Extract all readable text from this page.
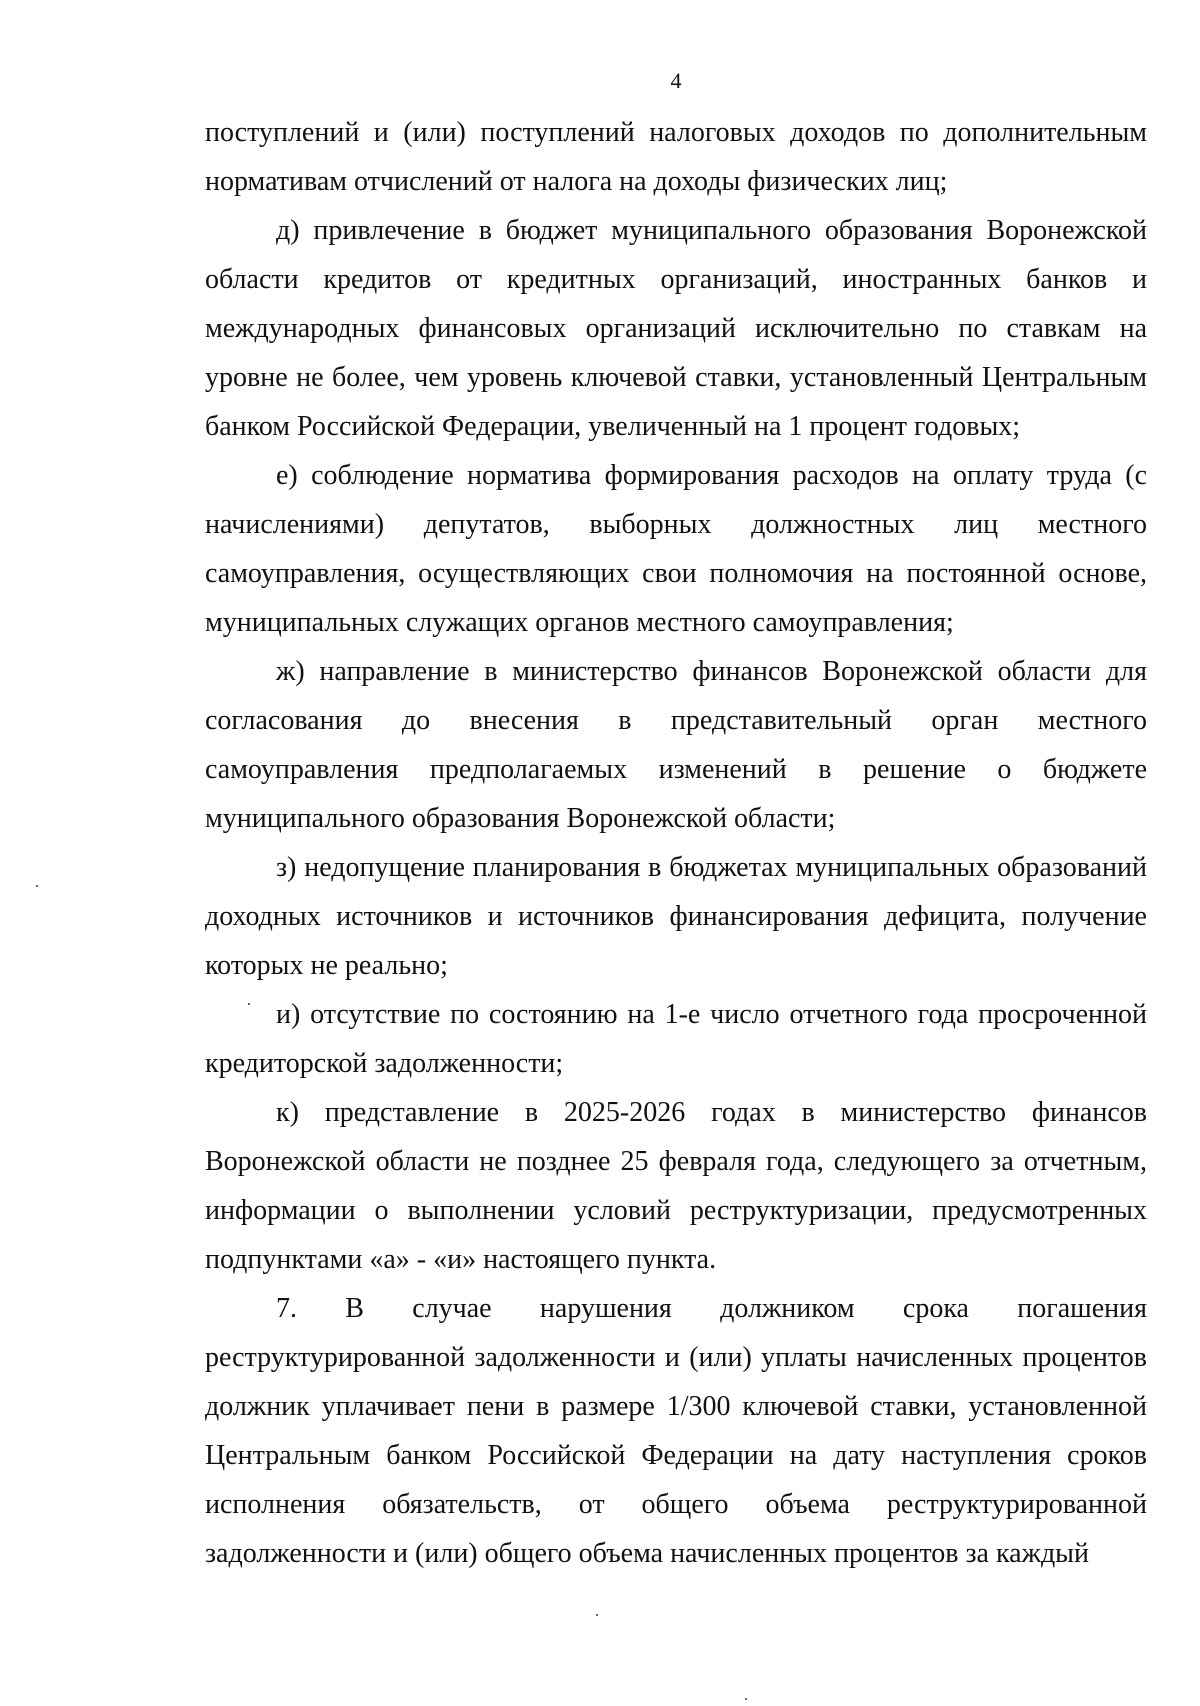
4

поступлений и (или) поступлений налоговых доходов по дополнительным нормативам отчислений от налога на доходы физических лиц;

д) привлечение в бюджет муниципального образования Воронежской области кредитов от кредитных организаций, иностранных банков и международных финансовых организаций исключительно по ставкам на уровне не более, чем уровень ключевой ставки, установленный Центральным банком Российской Федерации, увеличенный на 1 процент годовых;

е) соблюдение норматива формирования расходов на оплату труда (с начислениями) депутатов, выборных должностных лиц местного самоуправления, осуществляющих свои полномочия на постоянной основе, муниципальных служащих органов местного самоуправления;

ж) направление в министерство финансов Воронежской области для согласования до внесения в представительный орган местного самоуправления предполагаемых изменений в решение о бюджете муниципального образования Воронежской области;

з) недопущение планирования в бюджетах муниципальных образований доходных источников и источников финансирования дефицита, получение которых не реально;

и) отсутствие по состоянию на 1-е число отчетного года просроченной кредиторской задолженности;

к) представление в 2025-2026 годах в министерство финансов Воронежской области не позднее 25 февраля года, следующего за отчетным, информации о выполнении условий реструктуризации, предусмотренных подпунктами «а» - «и» настоящего пункта.

7. В случае нарушения должником срока погашения реструктурированной задолженности и (или) уплаты начисленных процентов должник уплачивает пени в размере 1/300 ключевой ставки, установленной Центральным банком Российской Федерации на дату наступления сроков исполнения обязательств, от общего объема реструктурированной задолженности и (или) общего объема начисленных процентов за каждый
